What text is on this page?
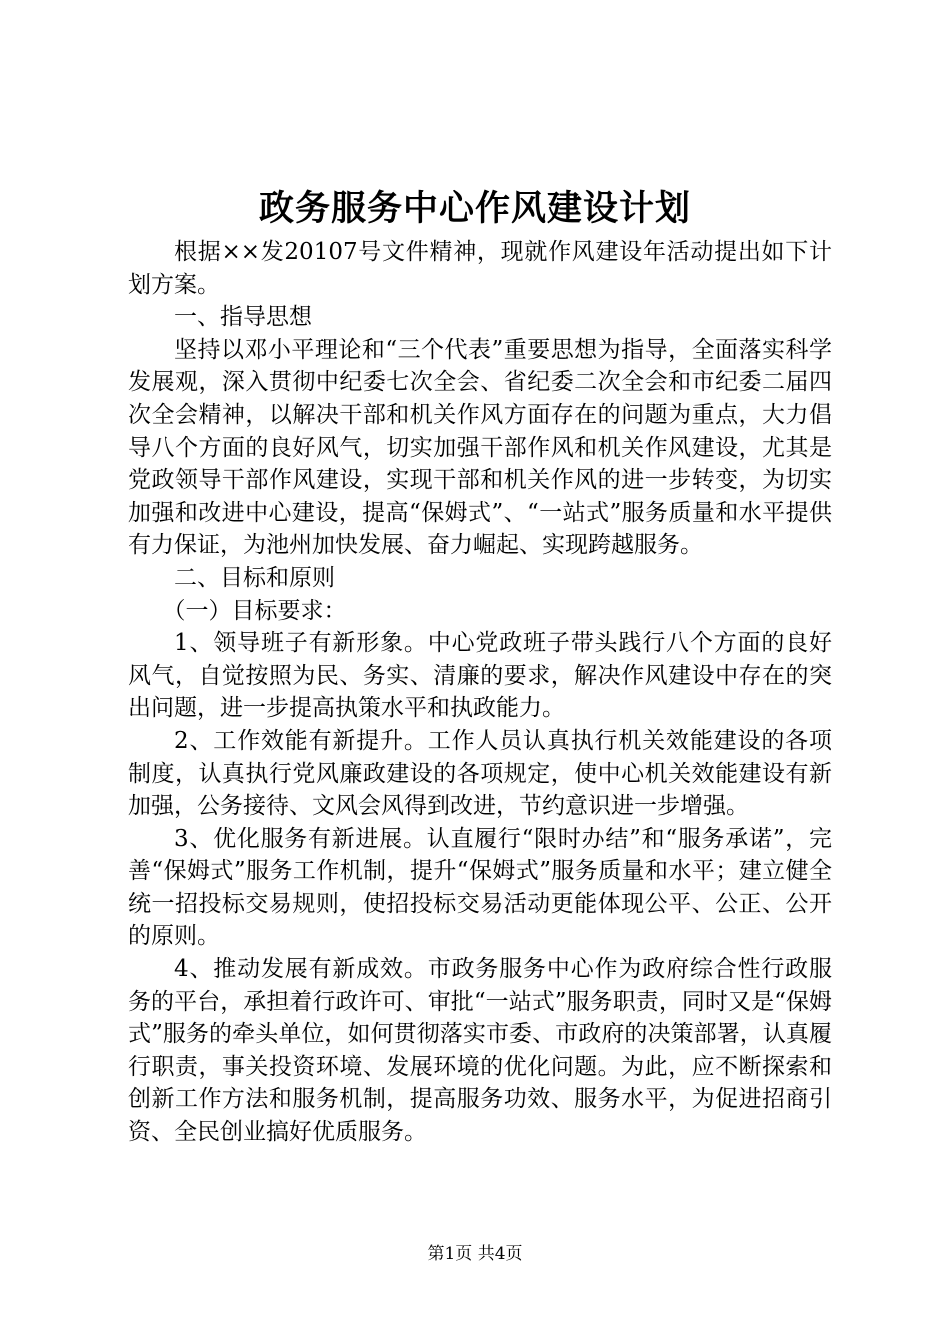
政务服务中心作风建设计划

根据××发20107号文件精神，现就作风建设年活动提出如下计划方案。

一、指导思想

坚持以邓小平理论和“三个代表”重要思想为指导，全面落实科学发展观，深入贯彻中纪委七次全会、省纪委二次全会和市纪委二届四次全会精神，以解决干部和机关作风方面存在的问题为重点，大力倡导八个方面的良好风气，切实加强干部作风和机关作风建设，尤其是党政领导干部作风建设，实现干部和机关作风的进一步转变，为切实加强和改进中心建设，提高“保姆式”、“一站式”服务质量和水平提供有力保证，为池州加快发展、奋力崛起、实现跨越服务。

二、目标和原则

（一）目标要求：

1、领导班子有新形象。中心党政班子带头践行八个方面的良好风气，自觉按照为民、务实、清廉的要求，解决作风建设中存在的突出问题，进一步提高执策水平和执政能力。

2、工作效能有新提升。工作人员认真执行机关效能建设的各项制度，认真执行党风廉政建设的各项规定，使中心机关效能建设有新加强，公务接待、文风会风得到改进，节约意识进一步增强。

3、优化服务有新进展。认直履行“限时办结”和“服务承诺”，完善“保姆式”服务工作机制，提升“保姆式”服务质量和水平；建立健全统一招投标交易规则，使招投标交易活动更能体现公平、公正、公开的原则。

4、推动发展有新成效。市政务服务中心作为政府综合性行政服务的平台，承担着行政许可、审批“一站式”服务职责，同时又是“保姆式”服务的牵头单位，如何贯彻落实市委、市政府的决策部署，认真履行职责，事关投资环境、发展环境的优化问题。为此，应不断探索和创新工作方法和服务机制，提高服务功效、服务水平，为促进招商引资、全民创业搞好优质服务。

第1页 共4页
